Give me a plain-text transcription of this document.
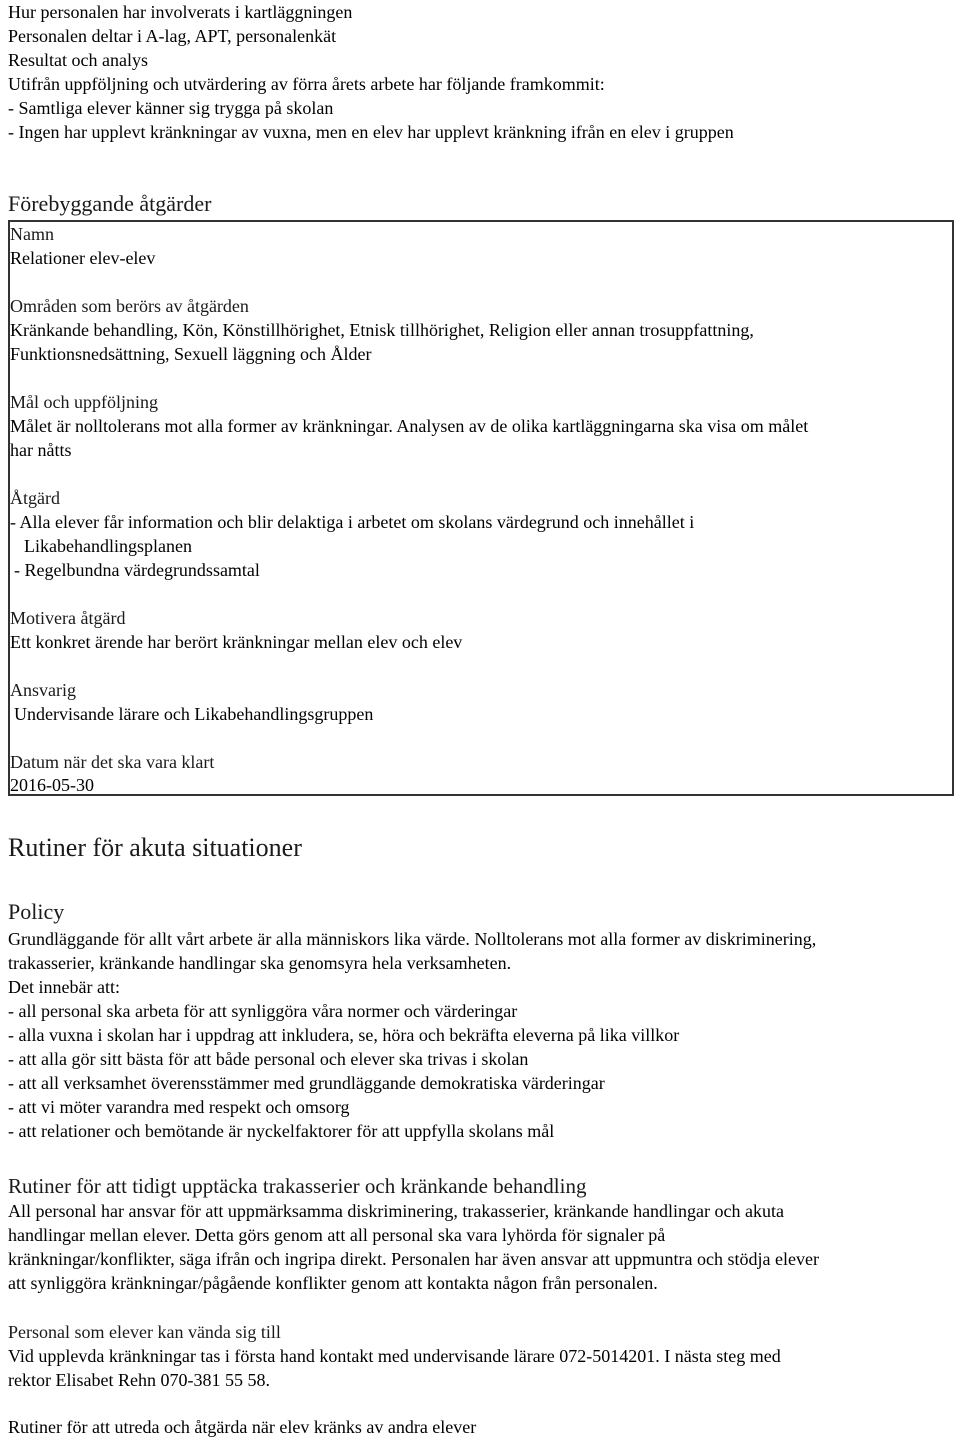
Hur personalen har involverats i kartläggningen
Personalen deltar i A-lag, APT, personalenkät
Resultat och analys
Utifrån uppföljning och utvärdering av förra årets arbete har följande framkommit:
- Samtliga elever känner sig trygga på skolan
- Ingen har upplevt kränkningar av vuxna, men en elev har upplevt kränkning ifrån en elev i gruppen
Förebyggande åtgärder
Namn
Relationer elev-elev
Områden som berörs av åtgärden
Kränkande behandling, Kön, Könstillhörighet, Etnisk tillhörighet, Religion eller annan trosuppfattning,
Funktionsnedsättning, Sexuell läggning och Ålder
Mål och uppföljning
Målet är nolltolerans mot alla former av kränkningar. Analysen av de olika kartläggningarna ska visa om målet
har nåtts
Åtgärd
- Alla elever får information och blir delaktiga i arbetet om skolans värdegrund och innehållet i
Likabehandlingsplanen
- Regelbundna värdegrundssamtal
Motivera åtgärd
Ett konkret ärende har berört kränkningar mellan elev och elev
Ansvarig
Undervisande lärare och Likabehandlingsgruppen
Datum när det ska vara klart
2016-05-30
Rutiner för akuta situationer
Policy
Grundläggande för allt vårt arbete är alla människors lika värde. Nolltolerans mot alla former av diskriminering,
trakasserier, kränkande handlingar ska genomsyra hela verksamheten.
Det innebär att:
- all personal ska arbeta för att synliggöra våra normer och värderingar
- alla vuxna i skolan har i uppdrag att inkludera, se, höra och bekräfta eleverna på lika villkor
- att alla gör sitt bästa för att både personal och elever ska trivas i skolan
- att all verksamhet överensstämmer med grundläggande demokratiska värderingar
- att vi möter varandra med respekt och omsorg
- att relationer och bemötande är nyckelfaktorer för att uppfylla skolans mål
Rutiner för att tidigt upptäcka trakasserier och kränkande behandling
All personal har ansvar för att uppmärksamma diskriminering, trakasserier, kränkande handlingar och akuta
handlingar mellan elever. Detta görs genom att all personal ska vara lyhörda för signaler på
kränkningar/konflikter, säga ifrån och ingripa direkt. Personalen har även ansvar att uppmuntra och stödja elever
att synliggöra kränkningar/pågående konflikter genom att kontakta någon från personalen.
Personal som elever kan vända sig till
Vid upplevda kränkningar tas i första hand kontakt med undervisande lärare 072-5014201. I nästa steg med
rektor Elisabet Rehn 070-381 55 58.
Rutiner för att utreda och åtgärda när elev kränks av andra elever
